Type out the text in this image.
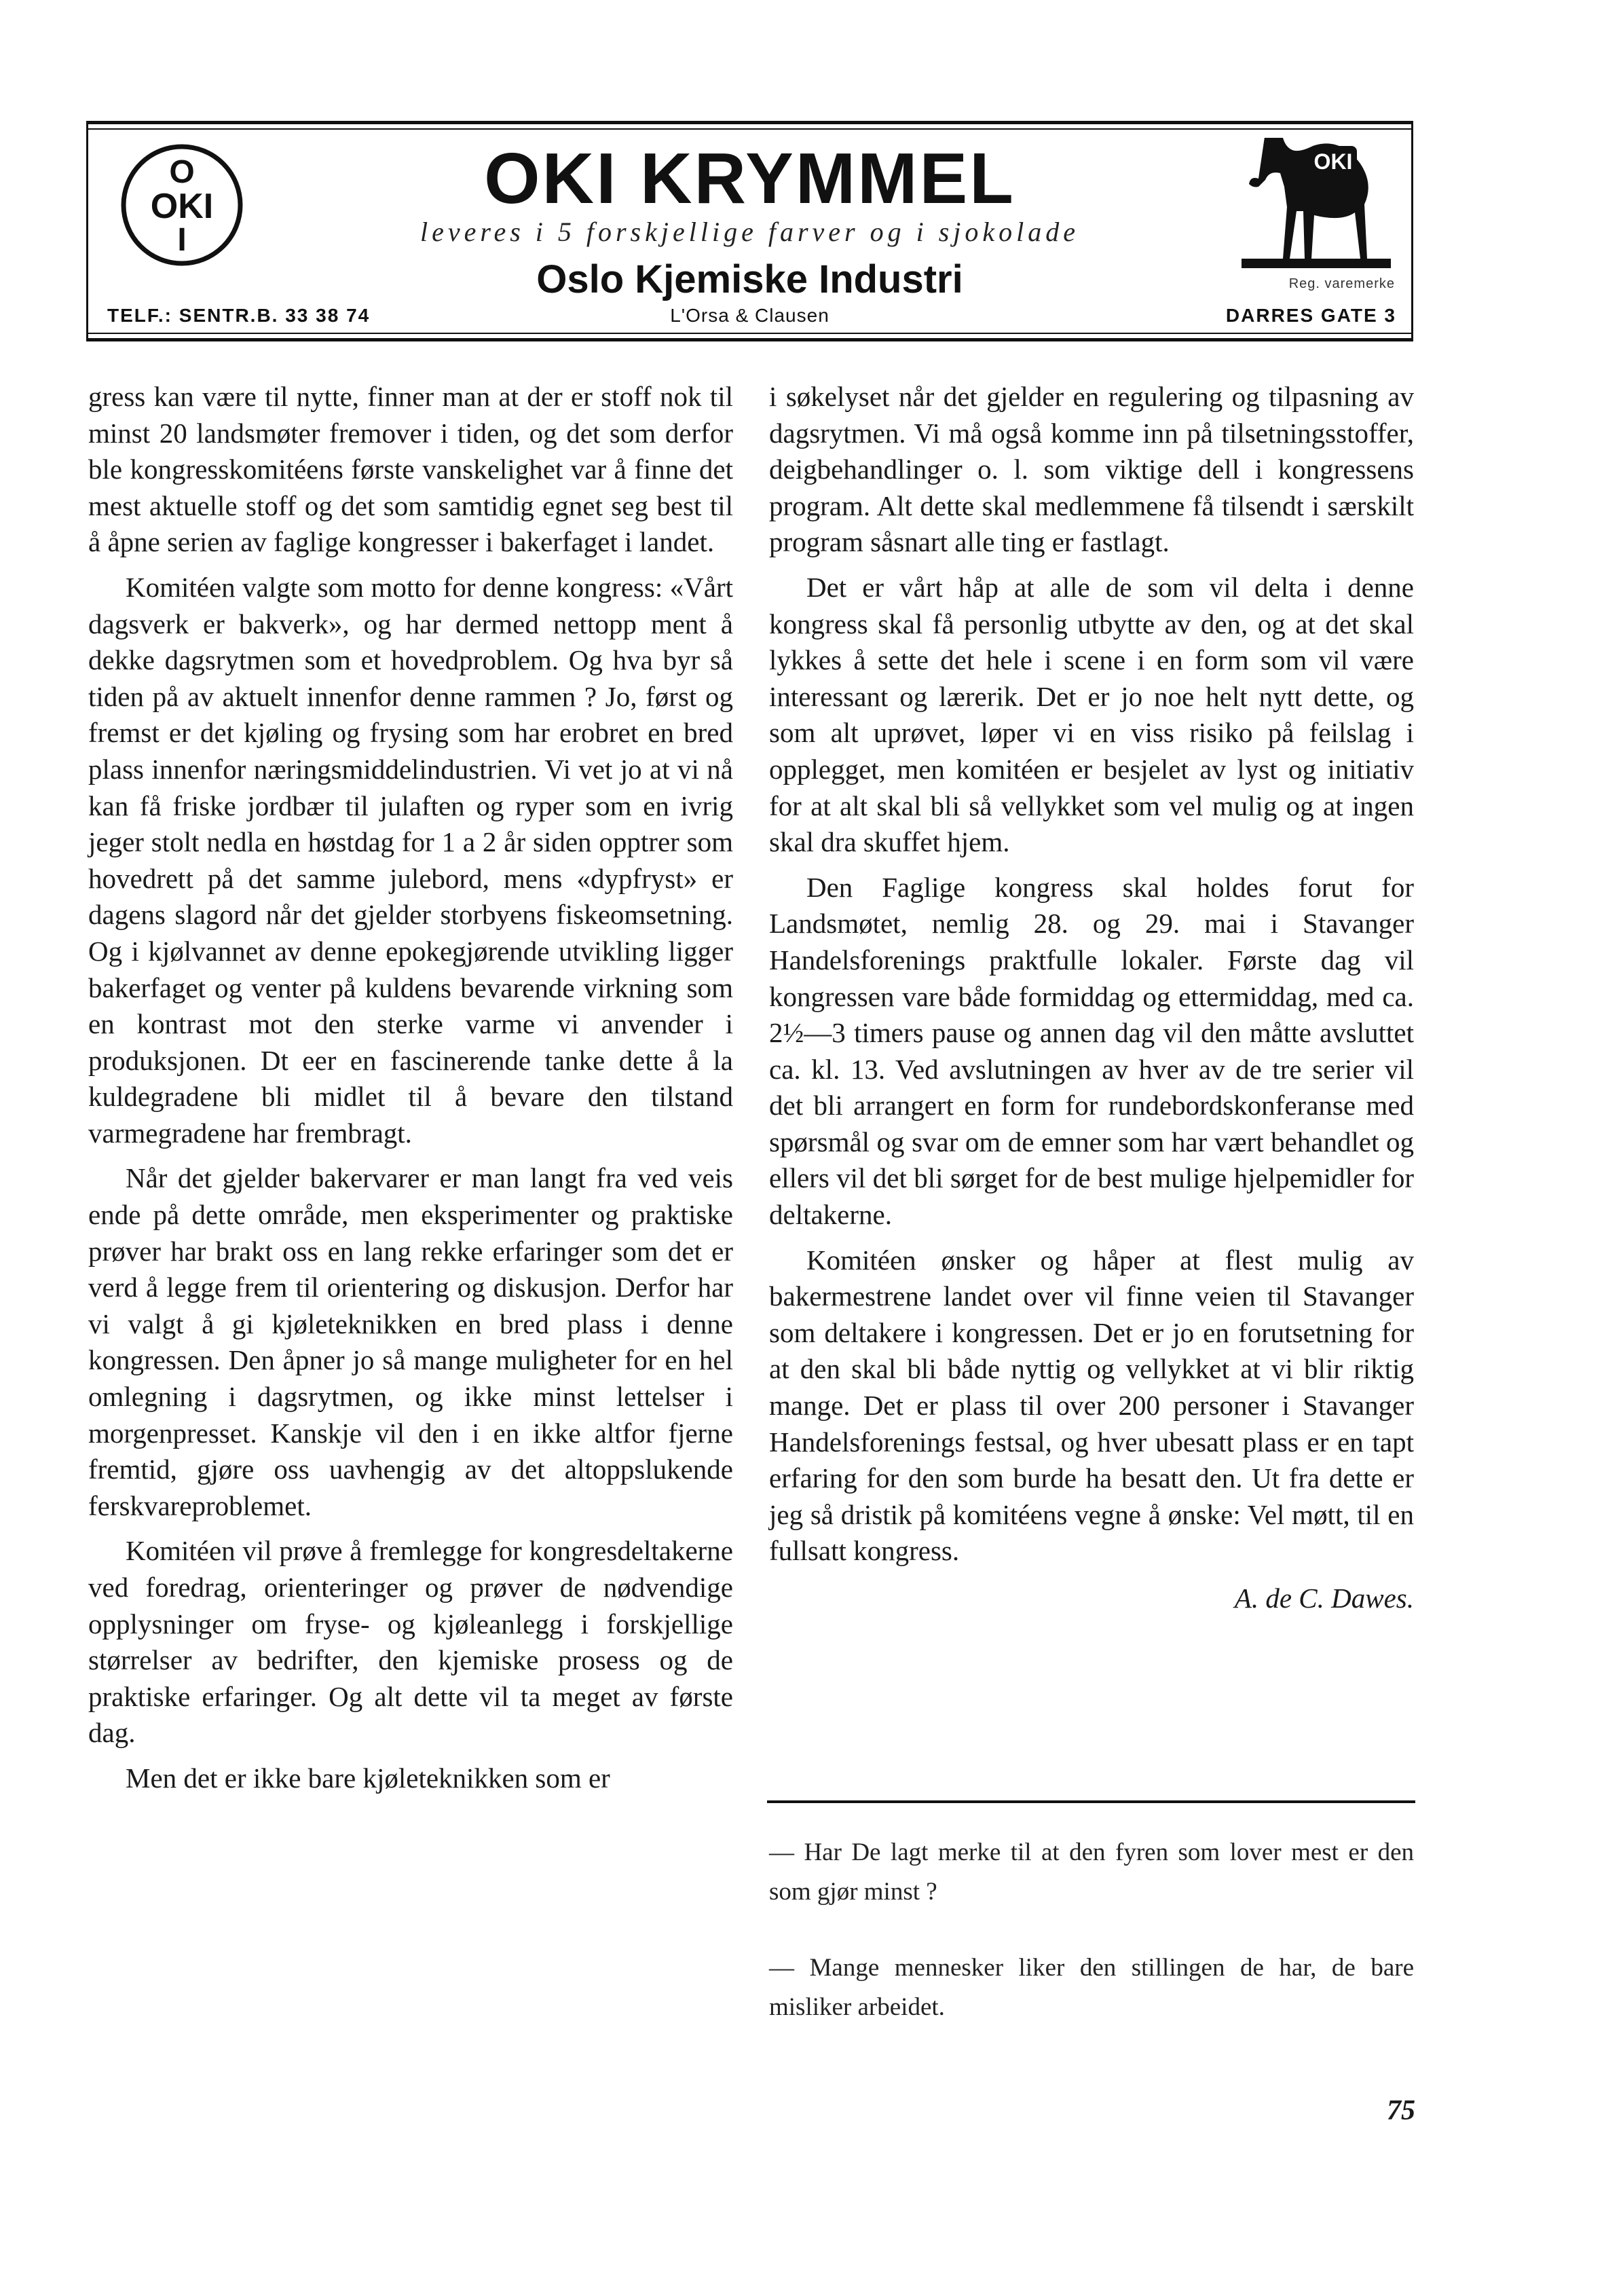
O
OKI
I
OKI KRYMMEL
leveres i 5 forskjellige farver og i sjokolade
Oslo Kjemiske Industri
L'Orsa & Clausen
TELF.: SENTR.B. 33 38 74	DARRES GATE 3
OKI
Reg. varemerke

gress kan være til nytte, finner man at der er stoff nok til minst 20 landsmøter fremover i tiden, og det som derfor ble kongresskomitéens første vanskelighet var å finne det mest aktuelle stoff og det som samtidig egnet seg best til å åpne serien av faglige kongresser i bakerfaget i landet.

Komitéen valgte som motto for denne kongress: «Vårt dagsverk er bakverk», og har dermed nettopp ment å dekke dagsrytmen som et hovedproblem. Og hva byr så tiden på av aktuelt innenfor denne rammen ? Jo, først og fremst er det kjøling og frysing som har erobret en bred plass innenfor næringsmiddelindustrien. Vi vet jo at vi nå kan få friske jordbær til julaften og ryper som en ivrig jeger stolt nedla en høstdag for 1 a 2 år siden opptrer som hovedrett på det samme julebord, mens «dypfryst» er dagens slagord når det gjelder storbyens fiskeomsetning. Og i kjølvannet av denne epokegjørende utvikling ligger bakerfaget og venter på kuldens bevarende virkning som en kontrast mot den sterke varme vi anvender i produksjonen. Dt eer en fascinerende tanke dette å la kuldegradene bli midlet til å bevare den tilstand varmegradene har frembragt.

Når det gjelder bakervarer er man langt fra ved veis ende på dette område, men eksperimenter og praktiske prøver har brakt oss en lang rekke erfaringer som det er verd å legge frem til orientering og diskusjon. Derfor har vi valgt å gi kjøleteknikken en bred plass i denne kongressen. Den åpner jo så mange muligheter for en hel omlegning i dagsrytmen, og ikke minst lettelser i morgenpresset. Kanskje vil den i en ikke altfor fjerne fremtid, gjøre oss uavhengig av det altoppslukende ferskvareproblemet.

Komitéen vil prøve å fremlegge for kongresdeltakerne ved foredrag, orienteringer og prøver de nødvendige opplysninger om fryse- og kjøleanlegg i forskjellige størrelser av bedrifter, den kjemiske prosess og de praktiske erfaringer. Og alt dette vil ta meget av første dag.

Men det er ikke bare kjøleteknikken som er

i søkelyset når det gjelder en regulering og tilpasning av dagsrytmen. Vi må også komme inn på tilsetningsstoffer, deigbehandlinger o. l. som viktige dell i kongressens program. Alt dette skal medlemmene få tilsendt i særskilt program såsnart alle ting er fastlagt.

Det er vårt håp at alle de som vil delta i denne kongress skal få personlig utbytte av den, og at det skal lykkes å sette det hele i scene i en form som vil være interessant og lærerik. Det er jo noe helt nytt dette, og som alt uprøvet, løper vi en viss risiko på feilslag i opplegget, men komitéen er besjelet av lyst og initiativ for at alt skal bli så vellykket som vel mulig og at ingen skal dra skuffet hjem.

Den Faglige kongress skal holdes forut for Landsmøtet, nemlig 28. og 29. mai i Stavanger Handelsforenings praktfulle lokaler. Første dag vil kongressen vare både formiddag og ettermiddag, med ca. 2½—3 timers pause og annen dag vil den måtte avsluttet ca. kl. 13. Ved avslutningen av hver av de tre serier vil det bli arrangert en form for rundebordskonferanse med spørsmål og svar om de emner som har vært behandlet og ellers vil det bli sørget for de best mulige hjelpemidler for deltakerne.

Komitéen ønsker og håper at flest mulig av bakermestrene landet over vil finne veien til Stavanger som deltakere i kongressen. Det er jo en forutsetning for at den skal bli både nyttig og vellykket at vi blir riktig mange. Det er plass til over 200 personer i Stavanger Handelsforenings festsal, og hver ubesatt plass er en tapt erfaring for den som burde ha besatt den. Ut fra dette er jeg så dristik på komitéens vegne å ønske: Vel møtt, til en fullsatt kongress.

A. de C. Dawes.
— Har De lagt merke til at den fyren som lover mest er den som gjør minst ?
— Mange mennesker liker den stillingen de har, de bare misliker arbeidet.
75
